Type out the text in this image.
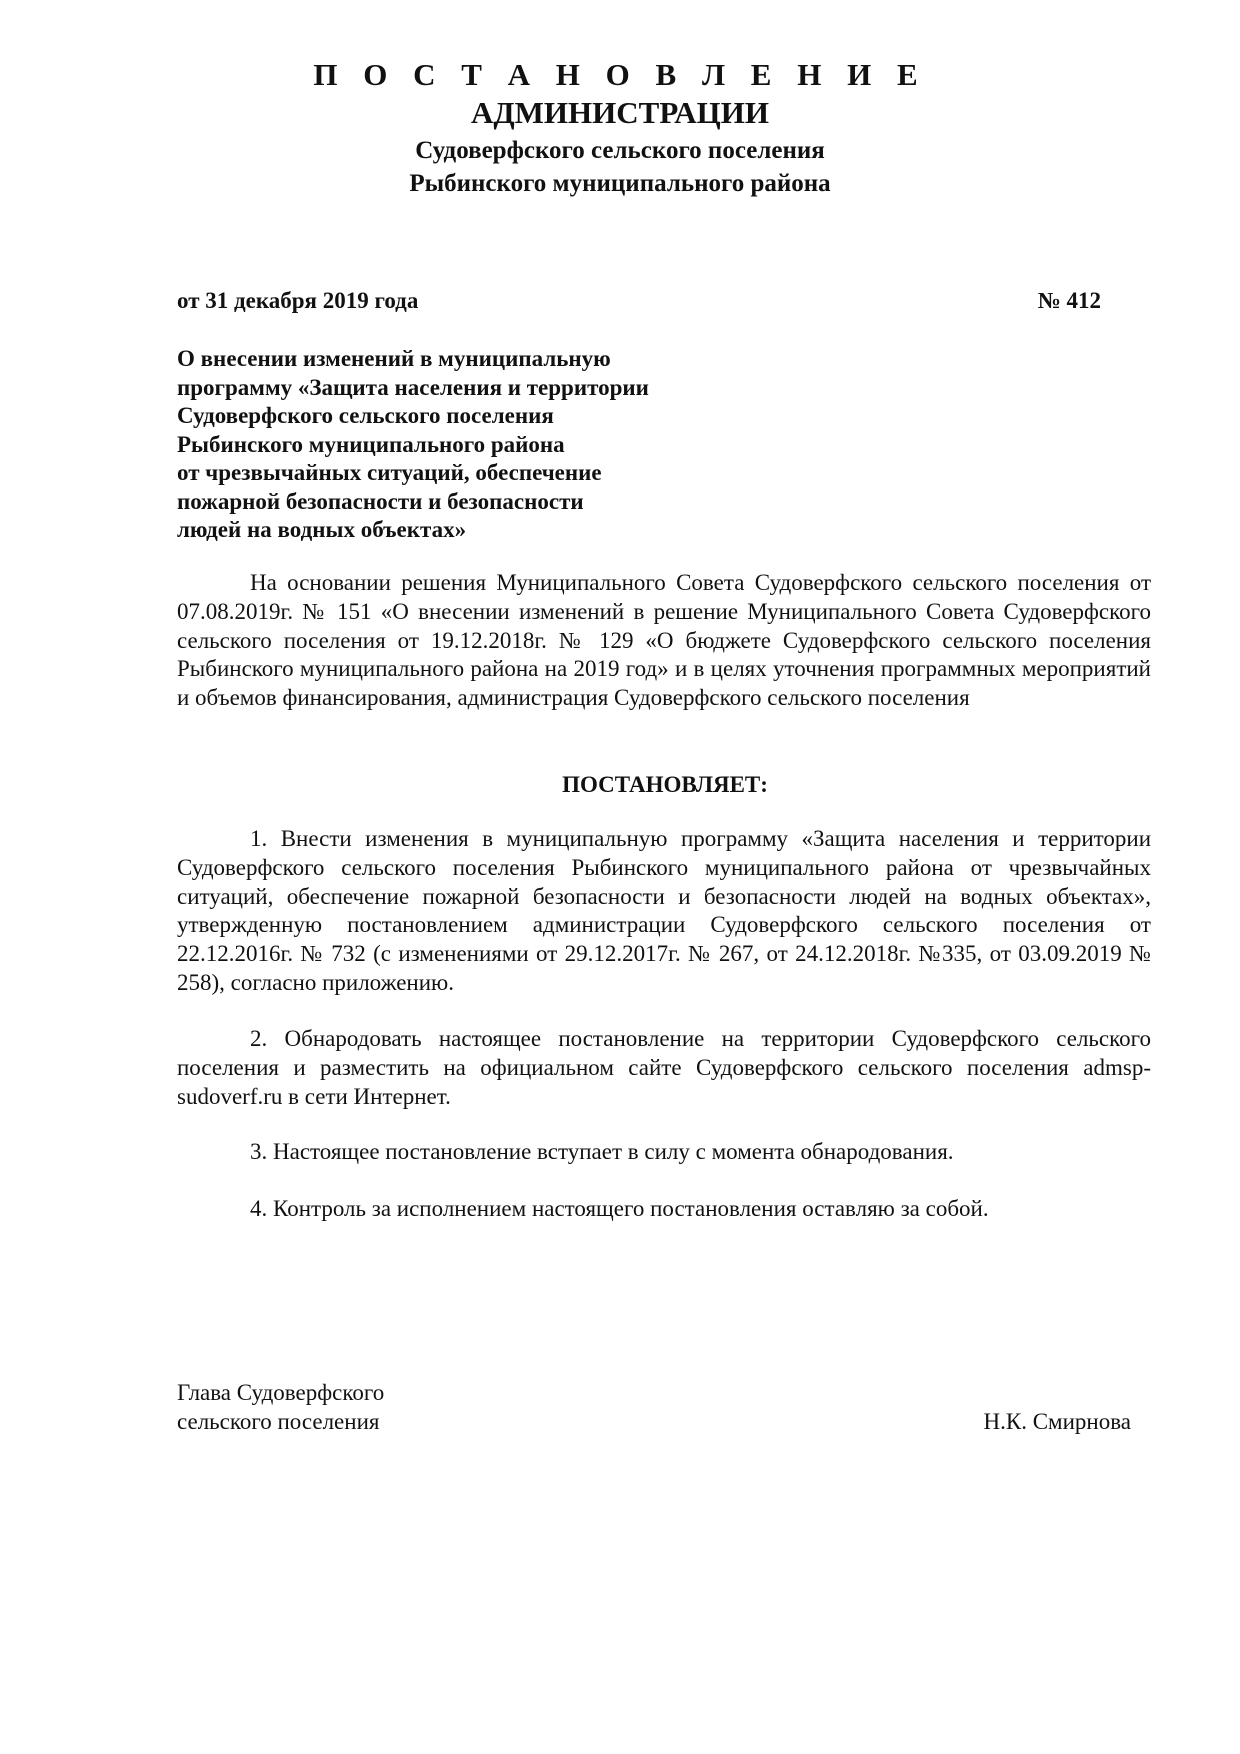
П О С Т А Н О В Л Е Н И Е
АДМИНИСТРАЦИИ
Судоверфского сельского поселения
Рыбинского муниципального района
от 31 декабря 2019 года	№ 412
О внесении изменений в муниципальную
программу «Защита населения и территории
Судоверфского сельского поселения
Рыбинского муниципального района
от чрезвычайных ситуаций, обеспечение
пожарной безопасности и безопасности
людей на водных объектах»
На основании решения Муниципального Совета Судоверфского сельского поселения от 07.08.2019г. № 151 «О внесении изменений в решение Муниципального Совета Судоверфского сельского поселения от 19.12.2018г. № 129 «О бюджете Судоверфского сельского поселения Рыбинского муниципального района на 2019 год» и в целях уточнения программных мероприятий и объемов финансирования, администрация Судоверфского сельского поселения
ПОСТАНОВЛЯЕТ:
1. Внести изменения в муниципальную программу «Защита населения и территории Судоверфского сельского поселения Рыбинского муниципального района от чрезвычайных ситуаций, обеспечение пожарной безопасности и безопасности людей на водных объектах», утвержденную постановлением администрации Судоверфского сельского поселения от 22.12.2016г. № 732 (с изменениями от 29.12.2017г. № 267, от 24.12.2018г. №335, от 03.09.2019 № 258), согласно приложению.
2. Обнародовать настоящее постановление на территории Судоверфского сельского поселения и разместить на официальном сайте Судоверфского сельского поселения admsp-sudoverf.ru в сети Интернет.
3. Настоящее постановление вступает в силу с момента обнародования.
4. Контроль за исполнением настоящего постановления оставляю за собой.
Глава Судоверфского
сельского поселения	Н.К. Смирнова
